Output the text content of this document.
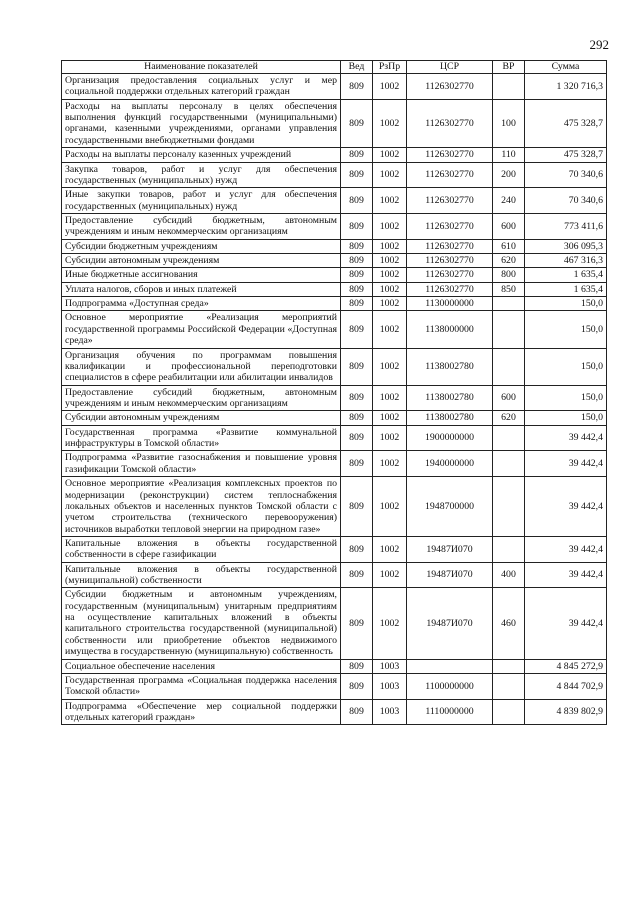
292
Наименование показателей	Вед	РзПр	ЦСР	ВР	Сумма
Организация предоставления социальных услуг и мер социальной поддержки отдельных категорий граждан	809	1002	1126302770		1 320 716,3
Расходы на выплаты персоналу в целях обеспечения выполнения функций государственными (муниципальными) органами, казенными учреждениями, органами управления государственными внебюджетными фондами	809	1002	1126302770	100	475 328,7
Расходы на выплаты персоналу казенных учреждений	809	1002	1126302770	110	475 328,7
Закупка товаров, работ и услуг для обеспечения государственных (муниципальных) нужд	809	1002	1126302770	200	70 340,6
Иные закупки товаров, работ и услуг для обеспечения государственных (муниципальных) нужд	809	1002	1126302770	240	70 340,6
Предоставление субсидий бюджетным, автономным учреждениям и иным некоммерческим организациям	809	1002	1126302770	600	773 411,6
Субсидии бюджетным учреждениям	809	1002	1126302770	610	306 095,3
Субсидии автономным учреждениям	809	1002	1126302770	620	467 316,3
Иные бюджетные ассигнования	809	1002	1126302770	800	1 635,4
Уплата налогов, сборов и иных платежей	809	1002	1126302770	850	1 635,4
Подпрограмма «Доступная среда»	809	1002	1130000000		150,0
Основное мероприятие «Реализация мероприятий государственной программы Российской Федерации «Доступная среда»	809	1002	1138000000		150,0
Организация обучения по программам повышения квалификации и профессиональной переподготовки специалистов в сфере реабилитации или абилитации инвалидов	809	1002	1138002780		150,0
Предоставление субсидий бюджетным, автономным учреждениям и иным некоммерческим организациям	809	1002	1138002780	600	150,0
Субсидии автономным учреждениям	809	1002	1138002780	620	150,0
Государственная программа «Развитие коммунальной инфраструктуры в Томской области»	809	1002	1900000000		39 442,4
Подпрограмма «Развитие газоснабжения и повышение уровня газификации Томской области»	809	1002	1940000000		39 442,4
Основное мероприятие «Реализация комплексных проектов по модернизации (реконструкции) систем теплоснабжения локальных объектов и населенных пунктов Томской области с учетом строительства (технического перевооружения) источников выработки тепловой энергии на природном газе»	809	1002	1948700000		39 442,4
Капитальные вложения в объекты государственной собственности в сфере газификации	809	1002	19487И070		39 442,4
Капитальные вложения в объекты государственной (муниципальной) собственности	809	1002	19487И070	400	39 442,4
Субсидии бюджетным и автономным учреждениям, государственным (муниципальным) унитарным предприятиям на осуществление капитальных вложений в объекты капитального строительства государственной (муниципальной) собственности или приобретение объектов недвижимого имущества в государственную (муниципальную) собственность	809	1002	19487И070	460	39 442,4
Социальное обеспечение населения	809	1003			4 845 272,9
Государственная программа «Социальная поддержка населения Томской области»	809	1003	1100000000		4 844 702,9
Подпрограмма «Обеспечение мер социальной поддержки отдельных категорий граждан»	809	1003	1110000000		4 839 802,9
